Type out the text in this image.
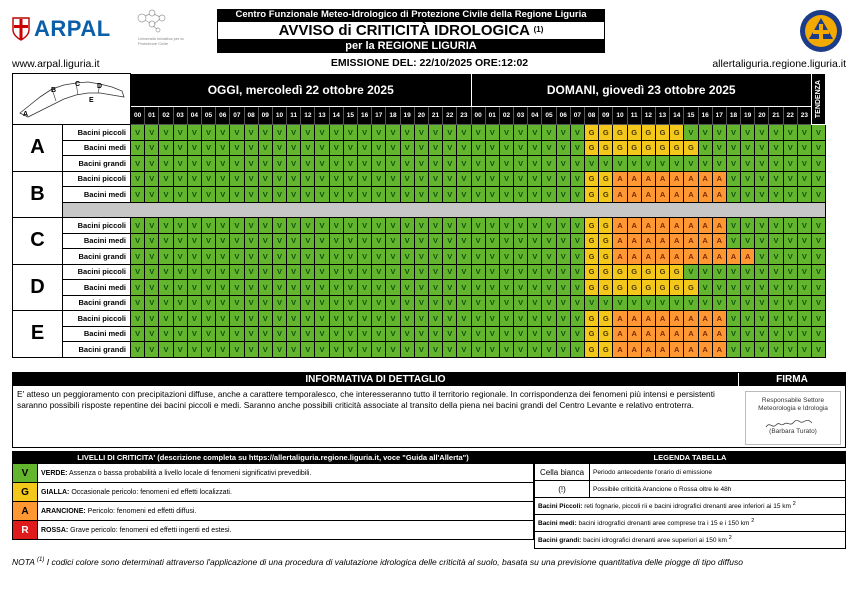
ARPAL	Università Iniziativa per la Protezione Civile
Centro Funzionale Meteo-Idrologico di Protezione Civile della Regione Liguria
AVVISO di CRITICITÀ IDROLOGICA $^{(1)}$
per la REGIONE LIGURIA
www.arpal.liguria.it	EMISSIONE DEL: 22/10/2025 ORE:12:02	allertaliguria.regione.liguria.it
A
B
C D
E		OGGI, mercoledì 22 ottobre 2025																								DOMANI, giovedì 23 ottobre 2025																								TENDENZA

		00	01	02	03	04	05	06	07	08	09	10	11	12	13	14	15	16	17	18	19	20	21	22	23	00	01	02	03	04	05	06	07	08	09	10	11	12	13	14	15	16	17	18	19	20	21	22	23	
A	Bacini piccoli	V	V	V	V	V	V	V	V	V	V	V	V	V	V	V	V	V	V	V	V	V	V	V	V	V	V	V	V	V	V	V	V	G	G	G	G	G	G	G	V	V	V	V	V	V	V	V	V	V
	Bacini medi	V	V	V	V	V	V	V	V	V	V	V	V	V	V	V	V	V	V	V	V	V	V	V	V	V	V	V	V	V	V	V	V	G	G	G	G	G	G	G	G	V	V	V	V	V	V	V	V	V
	Bacini grandi	V	V	V	V	V	V	V	V	V	V	V	V	V	V	V	V	V	V	V	V	V	V	V	V	V	V	V	V	V	V	V	V	V	V	V	V	V	V	V	V	V	V	V	V	V	V	V	V	V
B	Bacini piccoli	V	V	V	V	V	V	V	V	V	V	V	V	V	V	V	V	V	V	V	V	V	V	V	V	V	V	V	V	V	V	V	V	G	G	A	A	A	A	A	A	A	A	V	V	V	V	V	V	V
	Bacini medi	V	V	V	V	V	V	V	V	V	V	V	V	V	V	V	V	V	V	V	V	V	V	V	V	V	V	V	V	V	V	V	V	G	G	A	A	A	A	A	A	A	A	V	V	V	V	V	V	V

C	Bacini piccoli	V	V	V	V	V	V	V	V	V	V	V	V	V	V	V	V	V	V	V	V	V	V	V	V	V	V	V	V	V	V	V	V	G	G	A	A	A	A	A	A	A	A	V	V	V	V	V	V	V
	Bacini medi	V	V	V	V	V	V	V	V	V	V	V	V	V	V	V	V	V	V	V	V	V	V	V	V	V	V	V	V	V	V	V	V	G	G	A	A	A	A	A	A	A	A	V	V	V	V	V	V	V
	Bacini grandi	V	V	V	V	V	V	V	V	V	V	V	V	V	V	V	V	V	V	V	V	V	V	V	V	V	V	V	V	V	V	V	V	G	G	A	A	A	A	A	A	A	A	A	A	V	V	V	V	V
D	Bacini piccoli	V	V	V	V	V	V	V	V	V	V	V	V	V	V	V	V	V	V	V	V	V	V	V	V	V	V	V	V	V	V	V	V	G	G	G	G	G	G	G	V	V	V	V	V	V	V	V	V	V
	Bacini medi	V	V	V	V	V	V	V	V	V	V	V	V	V	V	V	V	V	V	V	V	V	V	V	V	V	V	V	V	V	V	V	V	G	G	G	G	G	G	G	G	V	V	V	V	V	V	V	V	V
	Bacini grandi	V	V	V	V	V	V	V	V	V	V	V	V	V	V	V	V	V	V	V	V	V	V	V	V	V	V	V	V	V	V	V	V	V	V	V	V	V	V	V	V	V	V	V	V	V	V	V	V	V
E	Bacini piccoli	V	V	V	V	V	V	V	V	V	V	V	V	V	V	V	V	V	V	V	V	V	V	V	V	V	V	V	V	V	V	V	V	G	G	A	A	A	A	A	A	A	A	V	V	V	V	V	V	V
	Bacini medi	V	V	V	V	V	V	V	V	V	V	V	V	V	V	V	V	V	V	V	V	V	V	V	V	V	V	V	V	V	V	V	V	G	G	A	A	A	A	A	A	A	A	V	V	V	V	V	V	V
	Bacini grandi	V	V	V	V	V	V	V	V	V	V	V	V	V	V	V	V	V	V	V	V	V	V	V	V	V	V	V	V	V	V	V	V	G	G	A	A	A	A	A	A	A	A	V	V	V	V	V	V	V
INFORMATIVA DI DETTAGLIO	FIRMA
E' atteso un peggioramento con precipitazioni diffuse, anche a carattere temporalesco, che interesseranno tutto il territorio regionale. In corrispondenza dei fenomeni più intensi e persistenti saranno possibili risposte repentine dei bacini piccoli e medi. Saranno anche possibili criticità associate al transito della piena nei bacini grandi del Centro Levante e relativo entroterra.	Responsabile Settore Meteorologia e Idrologia
(Barbara Turato)
LIVELLI DI CRITICITA' (descrizione completa su https://allertaliguria.regione.liguria.it, voce "Guida all'Allerta")	
V	VERDE: Assenza o bassa probabilità a livello locale di fenomeni significativi prevedibili.
G	GIALLA: Occasionale pericolo: fenomeni ed effetti localizzati.
A	ARANCIONE: Pericolo: fenomeni ed effetti diffusi.
R	ROSSA: Grave pericolo: fenomeni ed effetti ingenti ed estesi.
LEGENDA TABELLA	
Cella bianca	Periodo antecedente l'orario di emissione
(!)	Possibile criticità Arancione o Rossa oltre le 48h
Bacini Piccoli: reti fognarie, piccoli rii e bacini idrografici drenanti aree inferiori ai 15 km $^2$
Bacini medi: bacini idrografici drenanti aree comprese tra i 15 e i 150 km $^2$
Bacini grandi: bacini idrografici drenanti aree superiori ai 150 km $^2$
NOTA $^{(1)}$ I codici colore sono determinati attraverso l'applicazione di una procedura di valutazione idrologica delle criticità al suolo, basata su una previsione quantitativa delle piogge di tipo diffuso
